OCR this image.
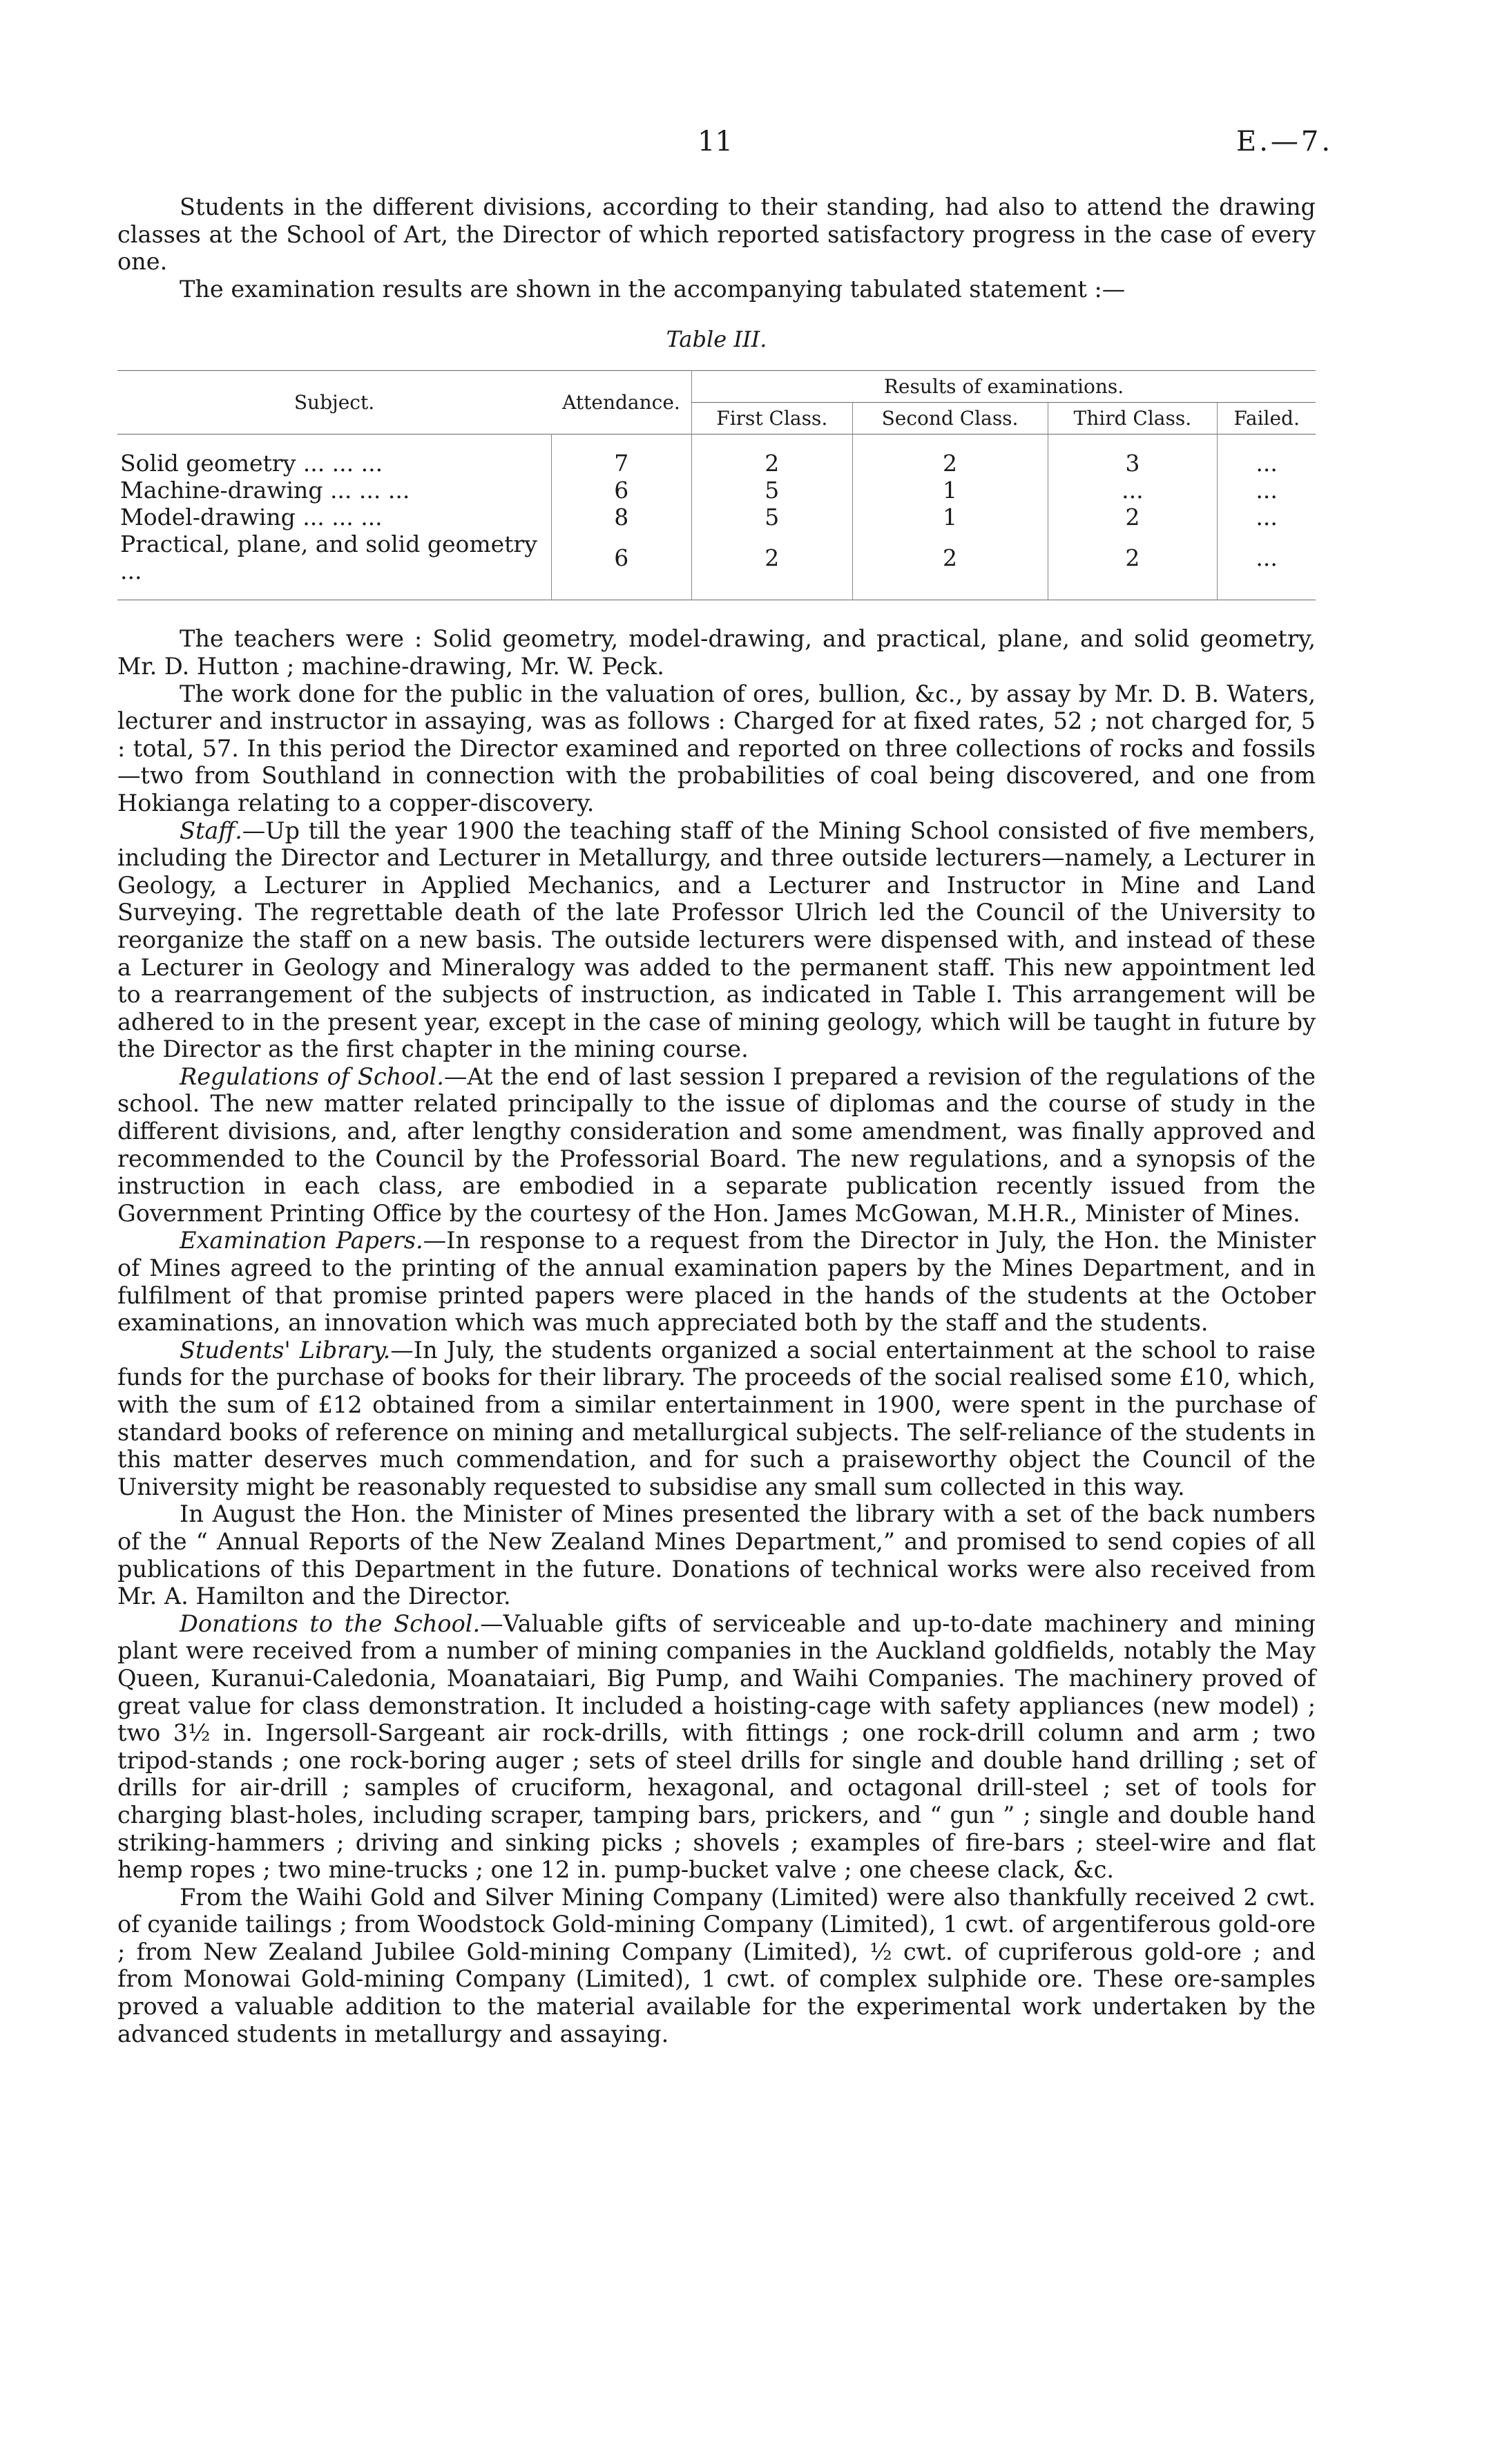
11	E.—7.

Students in the different divisions, according to their standing, had also to attend the drawing classes at the School of Art, the Director of which reported satisfactory progress in the case of every one.

The examination results are shown in the accompanying tabulated statement :—

Table III.
Subject.	Attendance.	Results of examinations.			
		First Class.	Second Class.	Third Class.	Failed.

Solid geometry ... ... ...	7	2	2	3	...
Machine-drawing ... ... ...	6	5	1	...	...
Model-drawing ... ... ...	8	5	1	2	...
Practical, plane, and solid geometry ...	6	2	2	2	...

The teachers were : Solid geometry, model-drawing, and practical, plane, and solid geometry, Mr. D. Hutton ; machine-drawing, Mr. W. Peck.

The work done for the public in the valuation of ores, bullion, &c., by assay by Mr. D. B. Waters, lecturer and instructor in assaying, was as follows : Charged for at fixed rates, 52 ; not charged for, 5 : total, 57. In this period the Director examined and reported on three collections of rocks and fossils—two from Southland in connection with the probabilities of coal being discovered, and one from Hokianga relating to a copper-discovery.

Staff.—Up till the year 1900 the teaching staff of the Mining School consisted of five members, including the Director and Lecturer in Metallurgy, and three outside lecturers—namely, a Lecturer in Geology, a Lecturer in Applied Mechanics, and a Lecturer and Instructor in Mine and Land Surveying. The regrettable death of the late Professor Ulrich led the Council of the University to reorganize the staff on a new basis. The outside lecturers were dispensed with, and instead of these a Lecturer in Geology and Mineralogy was added to the permanent staff. This new appointment led to a rearrangement of the subjects of instruction, as indicated in Table I. This arrangement will be adhered to in the present year, except in the case of mining geology, which will be taught in future by the Director as the first chapter in the mining course.

Regulations of School.—At the end of last session I prepared a revision of the regulations of the school. The new matter related principally to the issue of diplomas and the course of study in the different divisions, and, after lengthy consideration and some amendment, was finally approved and recommended to the Council by the Professorial Board. The new regulations, and a synopsis of the instruction in each class, are embodied in a separate publication recently issued from the Government Printing Office by the courtesy of the Hon. James McGowan, M.H.R., Minister of Mines.

Examination Papers.—In response to a request from the Director in July, the Hon. the Minister of Mines agreed to the printing of the annual examination papers by the Mines Department, and in fulfilment of that promise printed papers were placed in the hands of the students at the October examinations, an innovation which was much appreciated both by the staff and the students.

Students' Library.—In July, the students organized a social entertainment at the school to raise funds for the purchase of books for their library. The proceeds of the social realised some £10, which, with the sum of £12 obtained from a similar entertainment in 1900, were spent in the purchase of standard books of reference on mining and metallurgical subjects. The self-reliance of the students in this matter deserves much commendation, and for such a praiseworthy object the Council of the University might be reasonably requested to subsidise any small sum collected in this way.

In August the Hon. the Minister of Mines presented the library with a set of the back numbers of the “ Annual Reports of the New Zealand Mines Department,” and promised to send copies of all publications of this Department in the future. Donations of technical works were also received from Mr. A. Hamilton and the Director.

Donations to the School.—Valuable gifts of serviceable and up-to-date machinery and mining plant were received from a number of mining companies in the Auckland goldfields, notably the May Queen, Kuranui-Caledonia, Moanataiari, Big Pump, and Waihi Companies. The machinery proved of great value for class demonstration. It included a hoisting-cage with safety appliances (new model) ; two 3½ in. Ingersoll-Sargeant air rock-drills, with fittings ; one rock-drill column and arm ; two tripod-stands ; one rock-boring auger ; sets of steel drills for single and double hand drilling ; set of drills for air-drill ; samples of cruciform, hexagonal, and octagonal drill-steel ; set of tools for charging blast-holes, including scraper, tamping bars, prickers, and “ gun ” ; single and double hand striking-hammers ; driving and sinking picks ; shovels ; examples of fire-bars ; steel-wire and flat hemp ropes ; two mine-trucks ; one 12 in. pump-bucket valve ; one cheese clack, &c.

From the Waihi Gold and Silver Mining Company (Limited) were also thankfully received 2 cwt. of cyanide tailings ; from Woodstock Gold-mining Company (Limited), 1 cwt. of argentiferous gold-ore ; from New Zealand Jubilee Gold-mining Company (Limited), ½ cwt. of cupriferous gold-ore ; and from Monowai Gold-mining Company (Limited), 1 cwt. of complex sulphide ore. These ore-samples proved a valuable addition to the material available for the experimental work undertaken by the advanced students in metallurgy and assaying.
